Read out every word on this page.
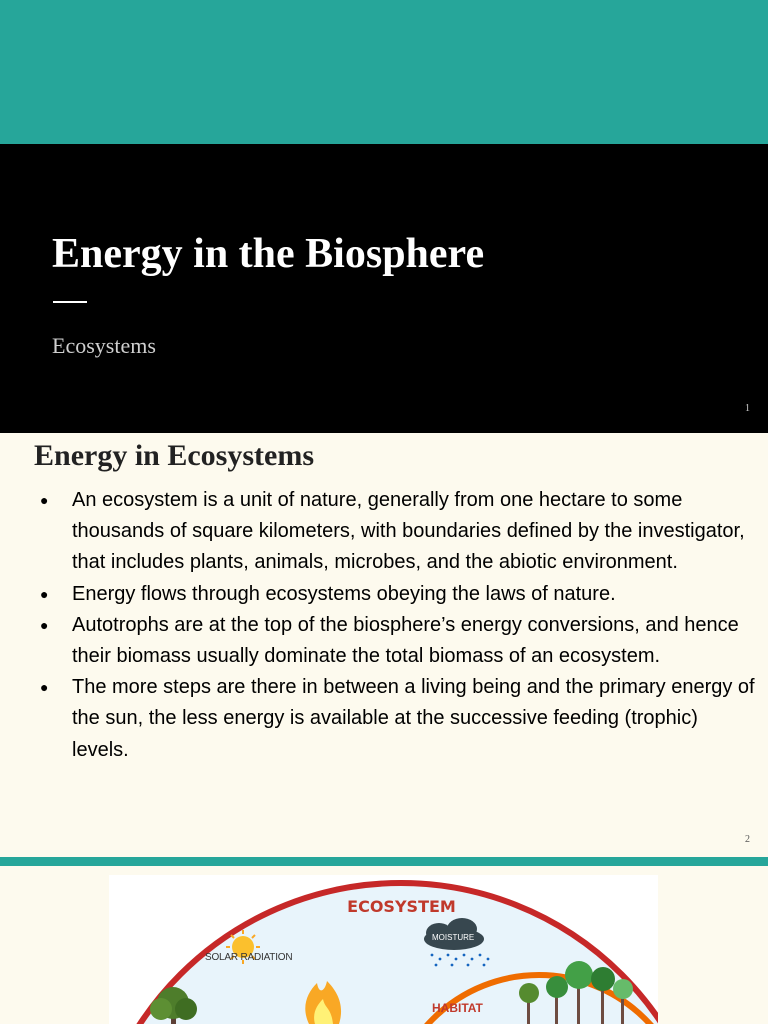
Energy in the Biosphere
Ecosystems
1
Energy in Ecosystems
● An ecosystem is a unit of nature, generally from one hectare to some thousands of square kilometers, with boundaries defined by the investigator, that includes plants, animals, microbes, and the abiotic environment.
● Energy flows through ecosystems obeying the laws of nature.
● Autotrophs are at the top of the biosphere’s energy conversions, and hence their biomass usually dominate the total biomass of an ecosystem.
● The more steps are there in between a living being and the primary energy of the sun, the less energy is available at the successive feeding (trophic) levels.
2
ECOSYSTEM
SOLAR RADIATION
MOISTURE
HABITAT
